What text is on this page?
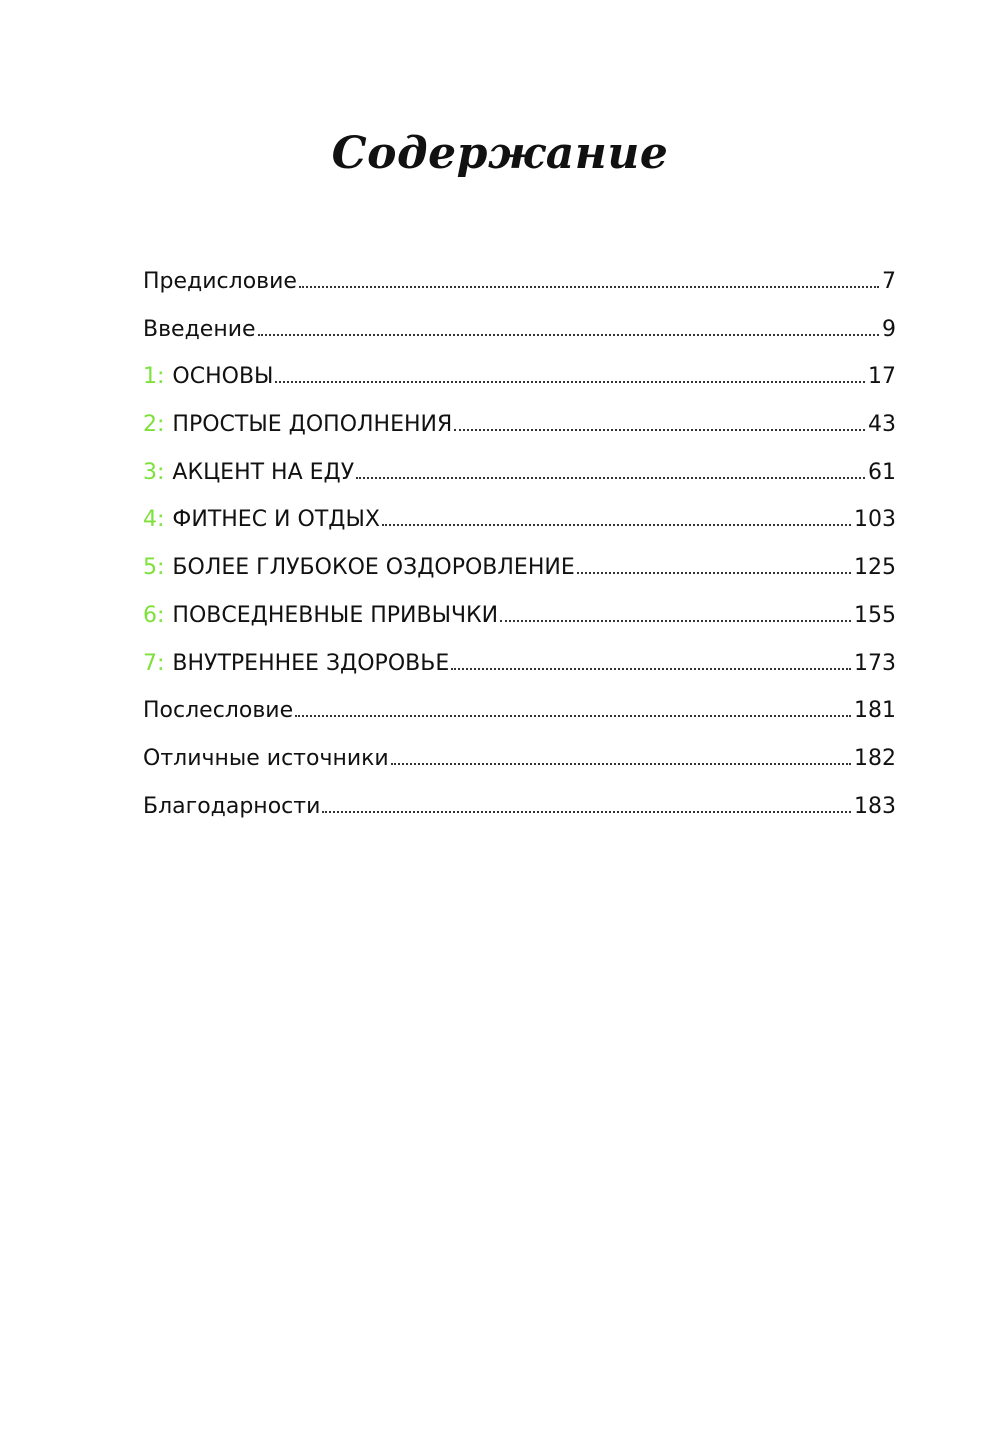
Содержание
Предисловие	7
Введение	9
1: ОСНОВЫ	17
2: ПРОСТЫЕ ДОПОЛНЕНИЯ	43
3: АКЦЕНТ НА ЕДУ	61
4: ФИТНЕС И ОТДЫХ	103
5: БОЛЕЕ ГЛУБОКОЕ ОЗДОРОВЛЕНИЕ	125
6: ПОВСЕДНЕВНЫЕ ПРИВЫЧКИ	155
7: ВНУТРЕННЕЕ ЗДОРОВЬЕ	173
Послесловие	181
Отличные источники	182
Благодарности	183
